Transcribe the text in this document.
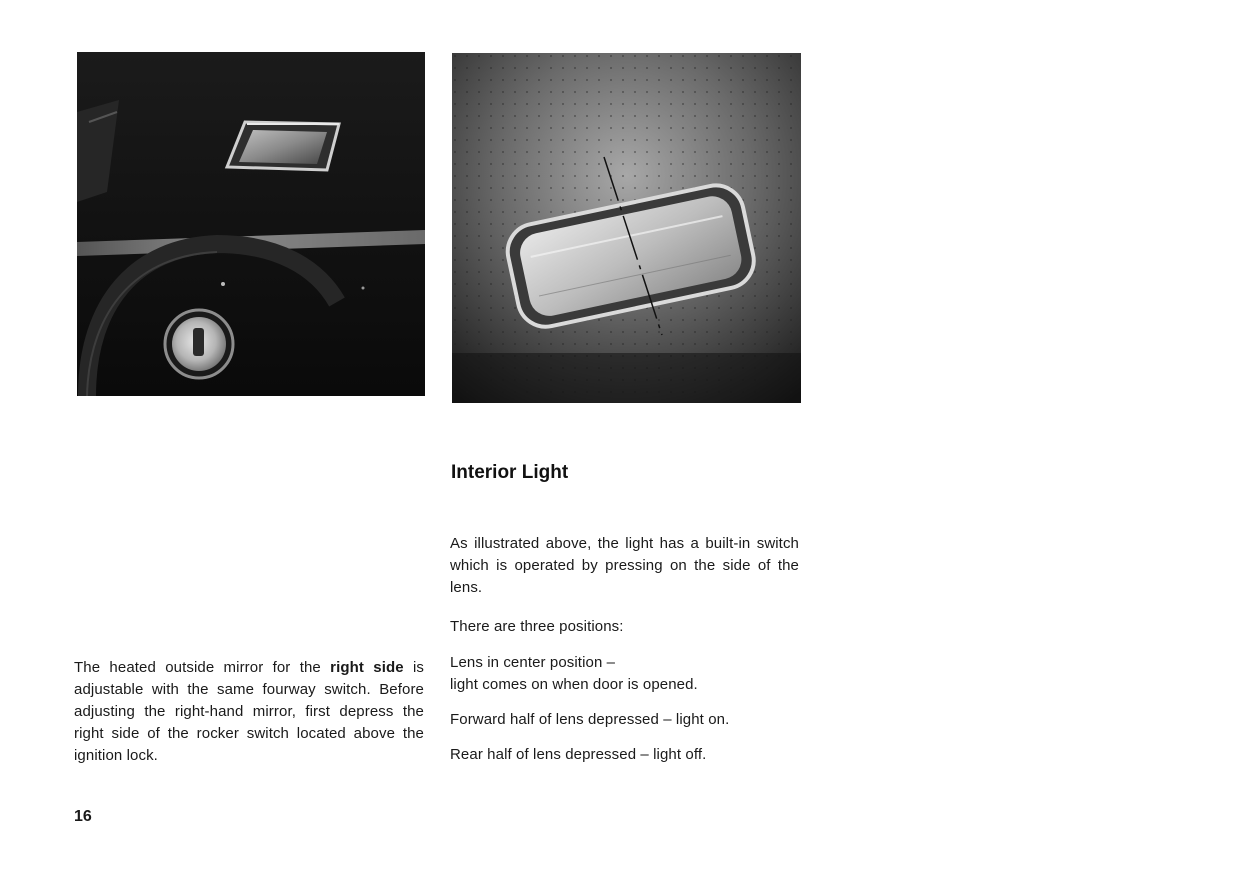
The heated outside mirror for the right side is adjustable with the same fourway switch. Before adjusting the right-hand mirror, first depress the right side of the rocker switch located above the ignition lock.
Interior Light

As illustrated above, the light has a built-in switch which is operated by pressing on the side of the lens.

There are three positions:

Lens in center position –
light comes on when door is opened.

Forward half of lens depressed – light on.

Rear half of lens depressed – light off.

16
